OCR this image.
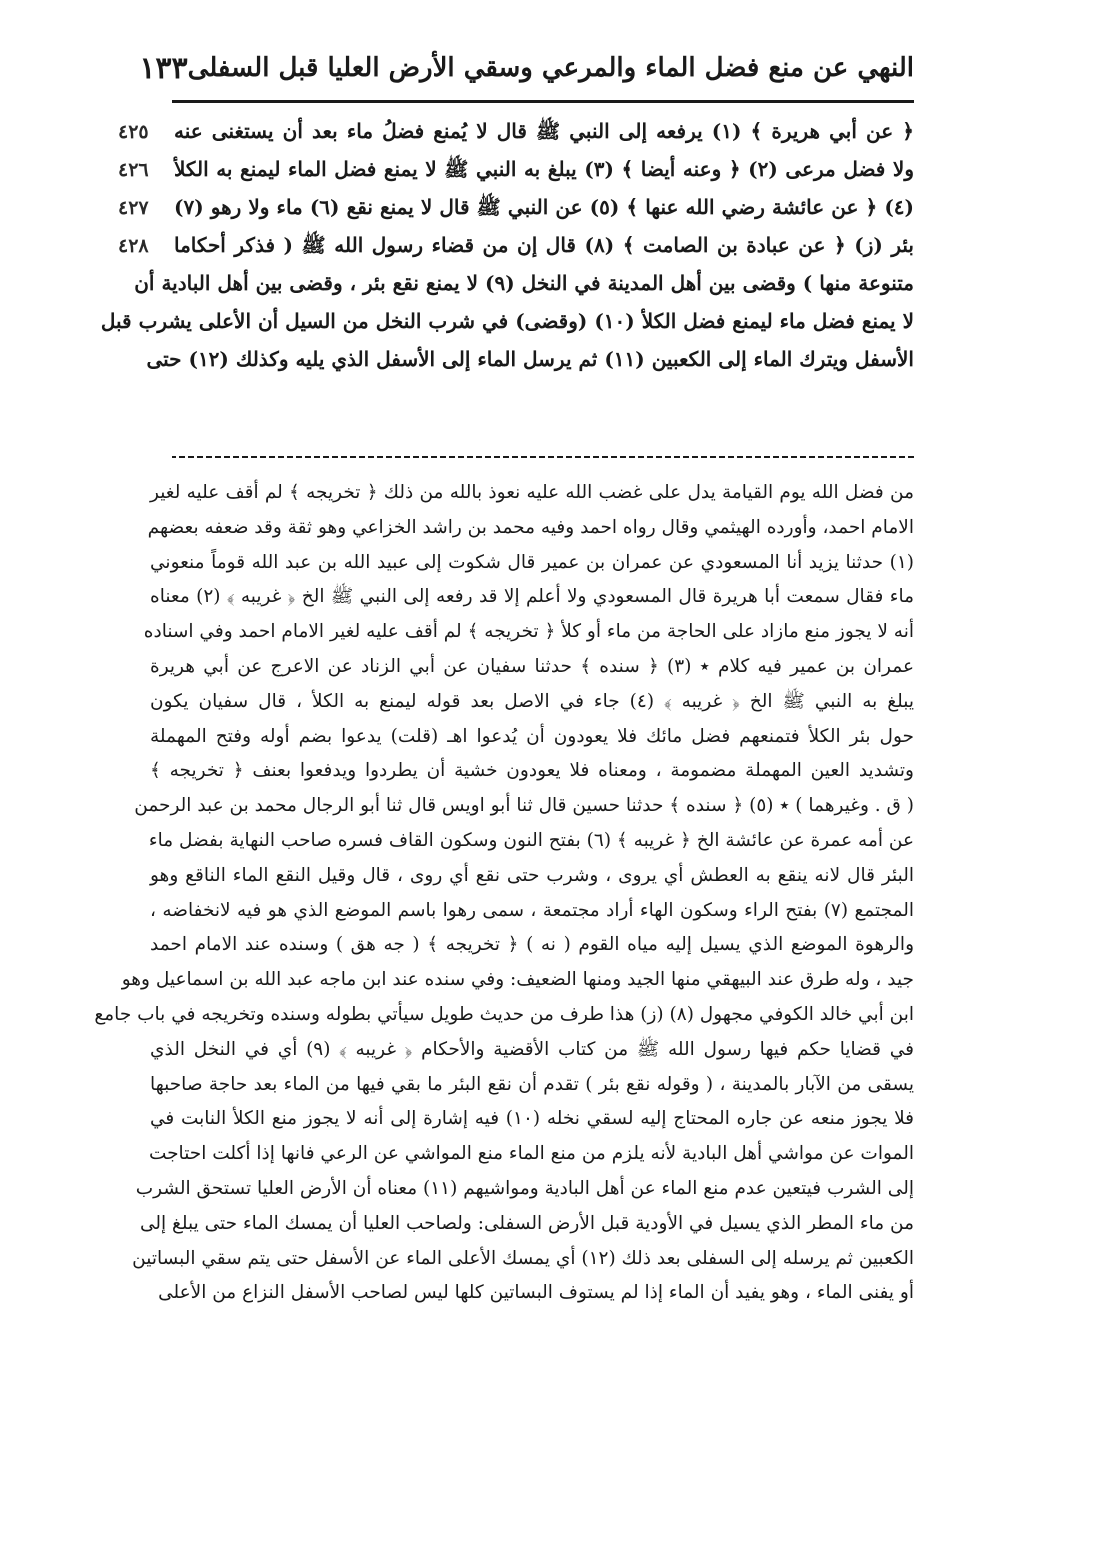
النهي عن منع فضل الماء والمرعي وسقي الأرض العليا قبل السفلى
١٣٣
﴿ عن أبي هريرة ﴾ (١) يرفعه إلى النبي ﷺ قال لا يُمنع فضلُ ماء بعد أن يستغنى عنه
٤٢٥
ولا فضل مرعى (٢) ﴿ وعنه أيضا ﴾ (٣) يبلغ به النبي ﷺ لا يمنع فضل الماء ليمنع به الكلأ
٤٢٦
(٤) ﴿ عن عائشة رضي الله عنها ﴾ (٥) عن النبي ﷺ قال لا يمنع نقع (٦) ماء ولا رهو (٧)
٤٢٧
بئر (ز) ﴿ عن عبادة بن الصامت ﴾ (٨) قال إن من قضاء رسول الله ﷺ ( فذكر أحكاما
٤٢٨
متنوعة منها ) وقضى بين أهل المدينة في النخل (٩) لا يمنع نقع بئر ، وقضى بين أهل البادية أن
لا يمنع فضل ماء ليمنع فضل الكلأ (١٠) (وقضى) في شرب النخل من السيل أن الأعلى يشرب قبل
الأسفل ويترك الماء إلى الكعبين (١١) ثم يرسل الماء إلى الأسفل الذي يليه وكذلك (١٢) حتى
من فضل الله يوم القيامة يدل على غضب الله عليه نعوذ بالله من ذلك ﴿ تخريجه ﴾ لم أقف عليه لغير
الامام احمد، وأورده الهيثمي وقال رواه احمد وفيه محمد بن راشد الخزاعي وهو ثقة وقد ضعفه بعضهم
(١) حدثنا يزيد أنا المسعودي عن عمران بن عمير قال شكوت إلى عبيد الله بن عبد الله قوماً منعوني
ماء فقال سمعت أبا هريرة قال المسعودي ولا أعلم إلا قد رفعه إلى النبي ﷺ الخ ﴿ غريبه ﴾ (٢) معناه
أنه لا يجوز منع مازاد على الحاجة من ماء أو كلأ ﴿ تخريجه ﴾ لم أقف عليه لغير الامام احمد وفي اسناده
عمران بن عمير فيه كلام ٭ (٣) ﴿ سنده ﴾ حدثنا سفيان عن أبي الزناد عن الاعرج عن أبي هريرة
يبلغ به النبي ﷺ الخ ﴿ غريبه ﴾ (٤) جاء في الاصل بعد قوله ليمنع به الكلأ ، قال سفيان يكون
حول بئر الكلأ فتمنعهم فضل مائك فلا يعودون أن يُدعوا اهـ (قلت) يدعوا بضم أوله وفتح المهملة
وتشديد العين المهملة مضمومة ، ومعناه فلا يعودون خشية أن يطردوا ويدفعوا بعنف ﴿ تخريجه ﴾
( ق . وغيرهما ) ٭ (٥) ﴿ سنده ﴾ حدثنا حسين قال ثنا أبو اويس قال ثنا أبو الرجال محمد بن عبد الرحمن
عن أمه عمرة عن عائشة الخ ﴿ غريبه ﴾ (٦) بفتح النون وسكون القاف فسره صاحب النهاية بفضل ماء
البئر قال لانه ينقع به العطش أي يروى ، وشرب حتى نقع أي روى ، قال وقيل النقع الماء الناقع وهو
المجتمع (٧) بفتح الراء وسكون الهاء أراد مجتمعة ، سمى رهوا باسم الموضع الذي هو فيه لانخفاضه ،
والرهوة الموضع الذي يسيل إليه مياه القوم ( نه ) ﴿ تخريجه ﴾ ( جه هق ) وسنده عند الامام احمد
جيد ، وله طرق عند البيهقي منها الجيد ومنها الضعيف: وفي سنده عند ابن ماجه عبد الله بن اسماعيل وهو
ابن أبي خالد الكوفي مجهول (٨) (ز) هذا طرف من حديث طويل سيأتي بطوله وسنده وتخريجه في باب جامع
في قضايا حكم فيها رسول الله ﷺ من كتاب الأقضية والأحكام ﴿ غريبه ﴾ (٩) أي في النخل الذي
يسقى من الآبار بالمدينة ، ( وقوله نقع بئر ) تقدم أن نقع البئر ما بقي فيها من الماء بعد حاجة صاحبها
فلا يجوز منعه عن جاره المحتاج إليه لسقي نخله (١٠) فيه إشارة إلى أنه لا يجوز منع الكلأ النابت في
الموات عن مواشي أهل البادية لأنه يلزم من منع الماء منع المواشي عن الرعي فانها إذا أكلت احتاجت
إلى الشرب فيتعين عدم منع الماء عن أهل البادية ومواشيهم (١١) معناه أن الأرض العليا تستحق الشرب
من ماء المطر الذي يسيل في الأودية قبل الأرض السفلى: ولصاحب العليا أن يمسك الماء حتى يبلغ إلى
الكعبين ثم يرسله إلى السفلى بعد ذلك (١٢) أي يمسك الأعلى الماء عن الأسفل حتى يتم سقي البساتين
أو يفنى الماء ، وهو يفيد أن الماء إذا لم يستوف البساتين كلها ليس لصاحب الأسفل النزاع من الأعلى
